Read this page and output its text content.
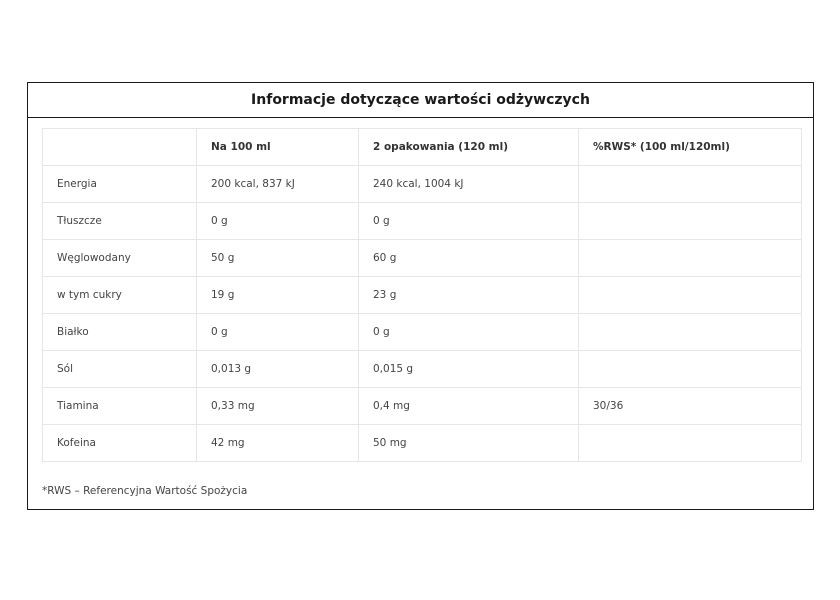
Informacje dotyczące wartości odżywczych
	Na 100 ml	2 opakowania (120 ml)	%RWS* (100 ml/120ml)
Energia	200 kcal, 837 kJ	240 kcal, 1004 kJ	
Tłuszcze	0 g	0 g	
Węglowodany	50 g	60 g	
w tym cukry	19 g	23 g	
Białko	0 g	0 g	
Sól	0,013 g	0,015 g	
Tiamina	0,33 mg	0,4 mg	30/36
Kofeina	42 mg	50 mg	
*RWS – Referencyjna Wartość Spożycia
